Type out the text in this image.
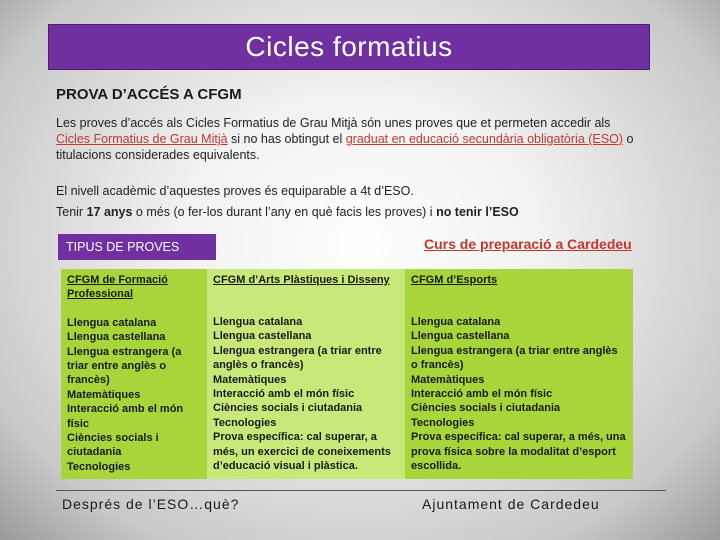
Cicles formatius
PROVA D’ACCÉS A CFGM
Les proves d’accés als Cicles Formatius de Grau Mitjà són unes proves que et permeten accedir als Cicles Formatius de Grau Mitjà si no has obtingut el graduat en educació secundària obligatòria (ESO) o titulacions considerades equivalents.
El nivell acadèmic d’aquestes proves és equiparable a 4t d’ESO.
Tenir 17 anys o més (o fer-los durant l’any en què facis les proves) i no tenir l’ESO
TIPUS DE PROVES	Curs de preparació a Cardedeu
CFGM de Formació Professional
Llengua catalana
Llengua castellana
Llengua estrangera (a triar entre anglès o francès)
Matemàtiques
Interacció amb el món físic
Ciències socials i ciutadania
Tecnologies
CFGM d’Arts Plàstiques i Disseny
Llengua catalana
Llengua castellana
Llengua estrangera (a triar entre anglès o francès)
Matemàtiques
Interacció amb el món físic
Ciències socials i ciutadania
Tecnologies
Prova específica: cal superar, a més, un exercici de coneixements d’educació visual i plàstica.
CFGM d’Esports
Llengua catalana
Llengua castellana
Llengua estrangera (a triar entre anglès o francès)
Matemàtiques
Interacció amb el món físic
Ciències socials i ciutadania
Tecnologies
Prova específica: cal superar, a més, una prova física sobre la modalitat d’esport escollida.
Després de l’ESO…què?	Ajuntament de Cardedeu
